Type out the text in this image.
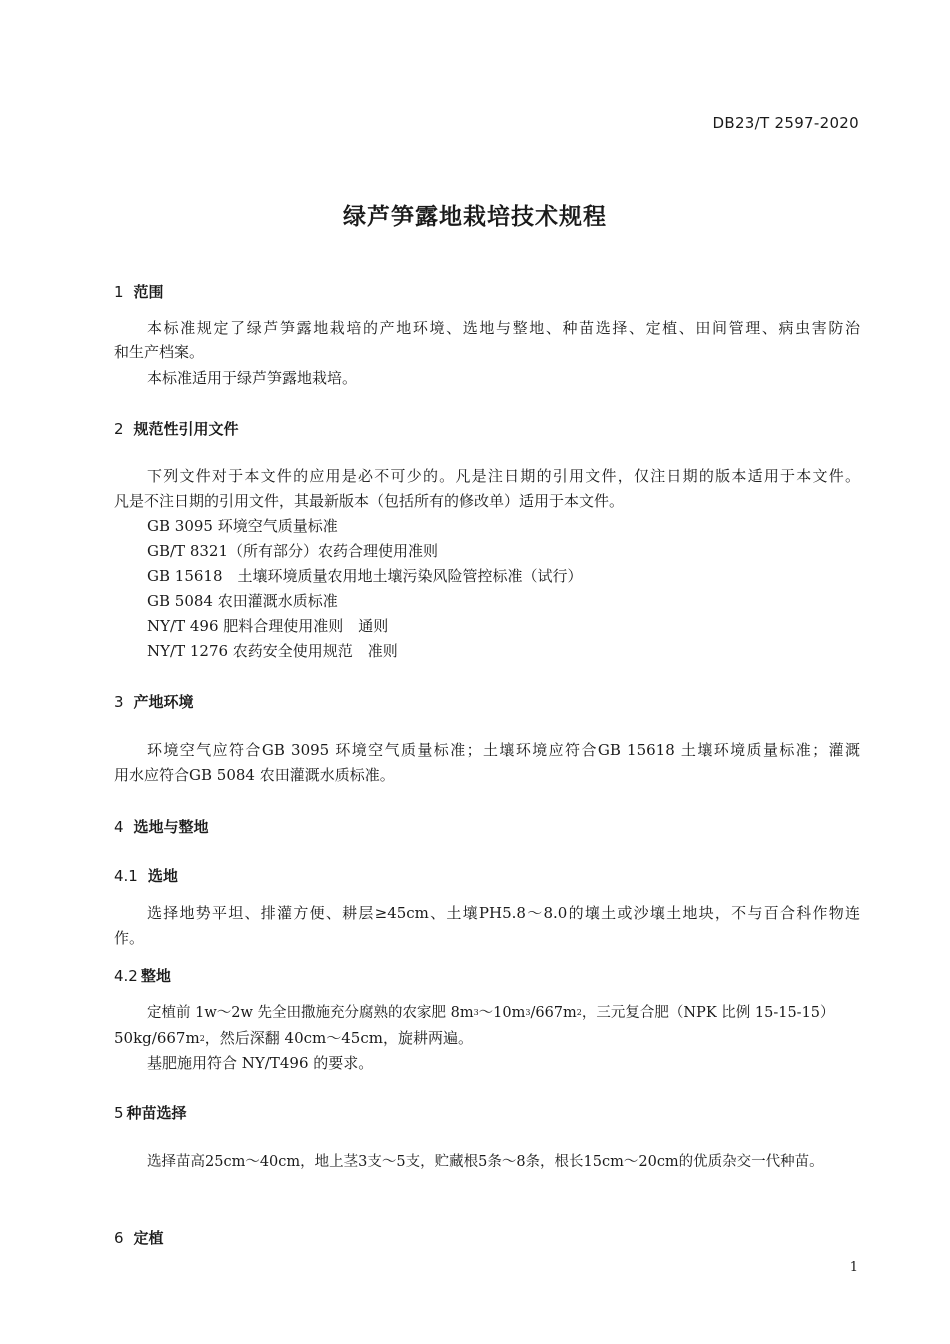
DB23/T 2597-2020
绿芦笋露地栽培技术规程
1 范围
本标准规定了绿芦笋露地栽培的产地环境、选地与整地、种苗选择、定植、田间管理、病虫害防治
和生产档案。
本标准适用于绿芦笋露地栽培。
2 规范性引用文件
下列文件对于本文件的应用是必不可少的。凡是注日期的引用文件，仅注日期的版本适用于本文件。
凡是不注日期的引用文件，其最新版本（包括所有的修改单）适用于本文件。
GB 3095 环境空气质量标准
GB/T 8321（所有部分）农药合理使用准则
GB 15618　土壤环境质量农用地土壤污染风险管控标准（试行）
GB 5084 农田灌溉水质标准
NY/T 496 肥料合理使用准则　通则
NY/T 1276 农药安全使用规范　准则
3 产地环境
环境空气应符合GB 3095 环境空气质量标准；土壤环境应符合GB 15618 土壤环境质量标准；灌溉
用水应符合GB 5084 农田灌溉水质标准。
4 选地与整地
4.1 选地
选择地势平坦、排灌方便、耕层≥45cm、土壤PH5.8～8.0的壤土或沙壤土地块，不与百合科作物连
作。
4.2 整地
定植前 1w～2w 先全田撒施充分腐熟的农家肥 $8m^3\sim 10m^3/667m^2$，三元复合肥（NPK 比例 15-15-15）
$50kg/667m^2$，然后深翻 40cm～45cm，旋耕两遍。
基肥施用符合 NY/T496 的要求。
5 种苗选择
选择苗高25cm～40cm，地上茎3支～5支，贮藏根5条～8条，根长15cm～20cm的优质杂交一代种苗。
6 定植
1
